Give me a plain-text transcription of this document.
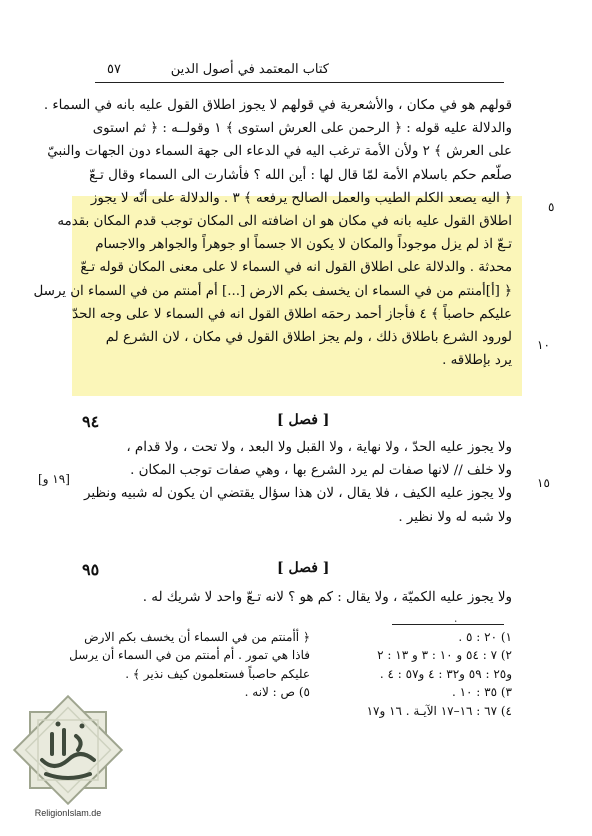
كتاب المعتمد في أصول الدين
٥٧
قولهم هو في مكان ، والأشعرية في قولهم لا يجوز اطلاق القول عليه بانه في السماء .
والدلالة عليه قوله : ﴿ الرحمن على العرش استوى ﴾ ١ وقولــه : ﴿ ثم استوى
على العرش ﴾ ٢ ولأن الأمة ترغب اليه في الدعاء الى جهة السماء دون الجهات والنبيّ
صلّعم حكم باسلام الأمة لمّا قال لها : أين الله ؟ فأشارت الى السماء وقال تـعّ
﴿ اليه يصعد الكلم الطيب والعمل الصالح يرفعه ﴾ ٣ . والدلالة على أنّه لا يجوز
اطلاق القول عليه بانه في مكان هو ان اضافته الى المكان توجب قدم المكان بقدمه
تـعّ اذ لم يزل موجوداً والمكان لا يكون الا جسماً او جوهراً والجواهر والاجسام
محدثة . والدلالة على اطلاق القول انه في السماء لا على معنى المكان قوله تـعّ
﴿ [أ]أمنتم من في السماء ان يخسف بكم الارض [...] أم أمنتم من في السماء ان يرسل
عليكم حاصباً ﴾ ٤ فأجاز أحمد رحمَه اطلاق القول انه في السماء لا على وجه الحدّ
لورود الشرع باطلاق ذلك ، ولم يجز اطلاق القول في مكان ، لان الشرع لم
يرد بإطلاقه .
٥
١٠
١٥
٩٤	[ فصل ]
ولا يجوز عليه الحدّ ، ولا نهاية ، ولا القبل ولا البعد ، ولا تحت ، ولا قدام ،
ولا خلف // لانها صفات لم يرد الشرع بها ، وهي صفات توجب المكان .
ولا يجوز عليه الكيف ، فلا يقال ، لان هذا سؤال يقتضي ان يكون له شبيه ونظير
ولا شبه له ولا نظير .
[١٩ و]
٩٥	[ فصل ]
ولا يجوز عليه الكميّة ، ولا يقال : كم هو ؟ لانه تـعّ واحد لا شريك له .
٠
١) ٢٠ : ٥ .
٢) ٧ : ٥٤ و ١٠ : ٣ و ١٣ : ٢
و٢٥ : ٥٩ و٣٢ : ٤ و٥٧ : ٤ .
٣) ٣٥ : ١٠ .
٤) ٦٧ : ١٦–١٧ الآيـة . ١٦ و١٧
﴿ أأمنتم من في السماء أن يخسف بكم الارض
فاذا هي تمور . أم أمنتم من في السماء أن يرسل
عليكم حاصباً فستعلمون كيف نذير ﴾ .
٥) ص : لانه .
ReligionIslam.de
